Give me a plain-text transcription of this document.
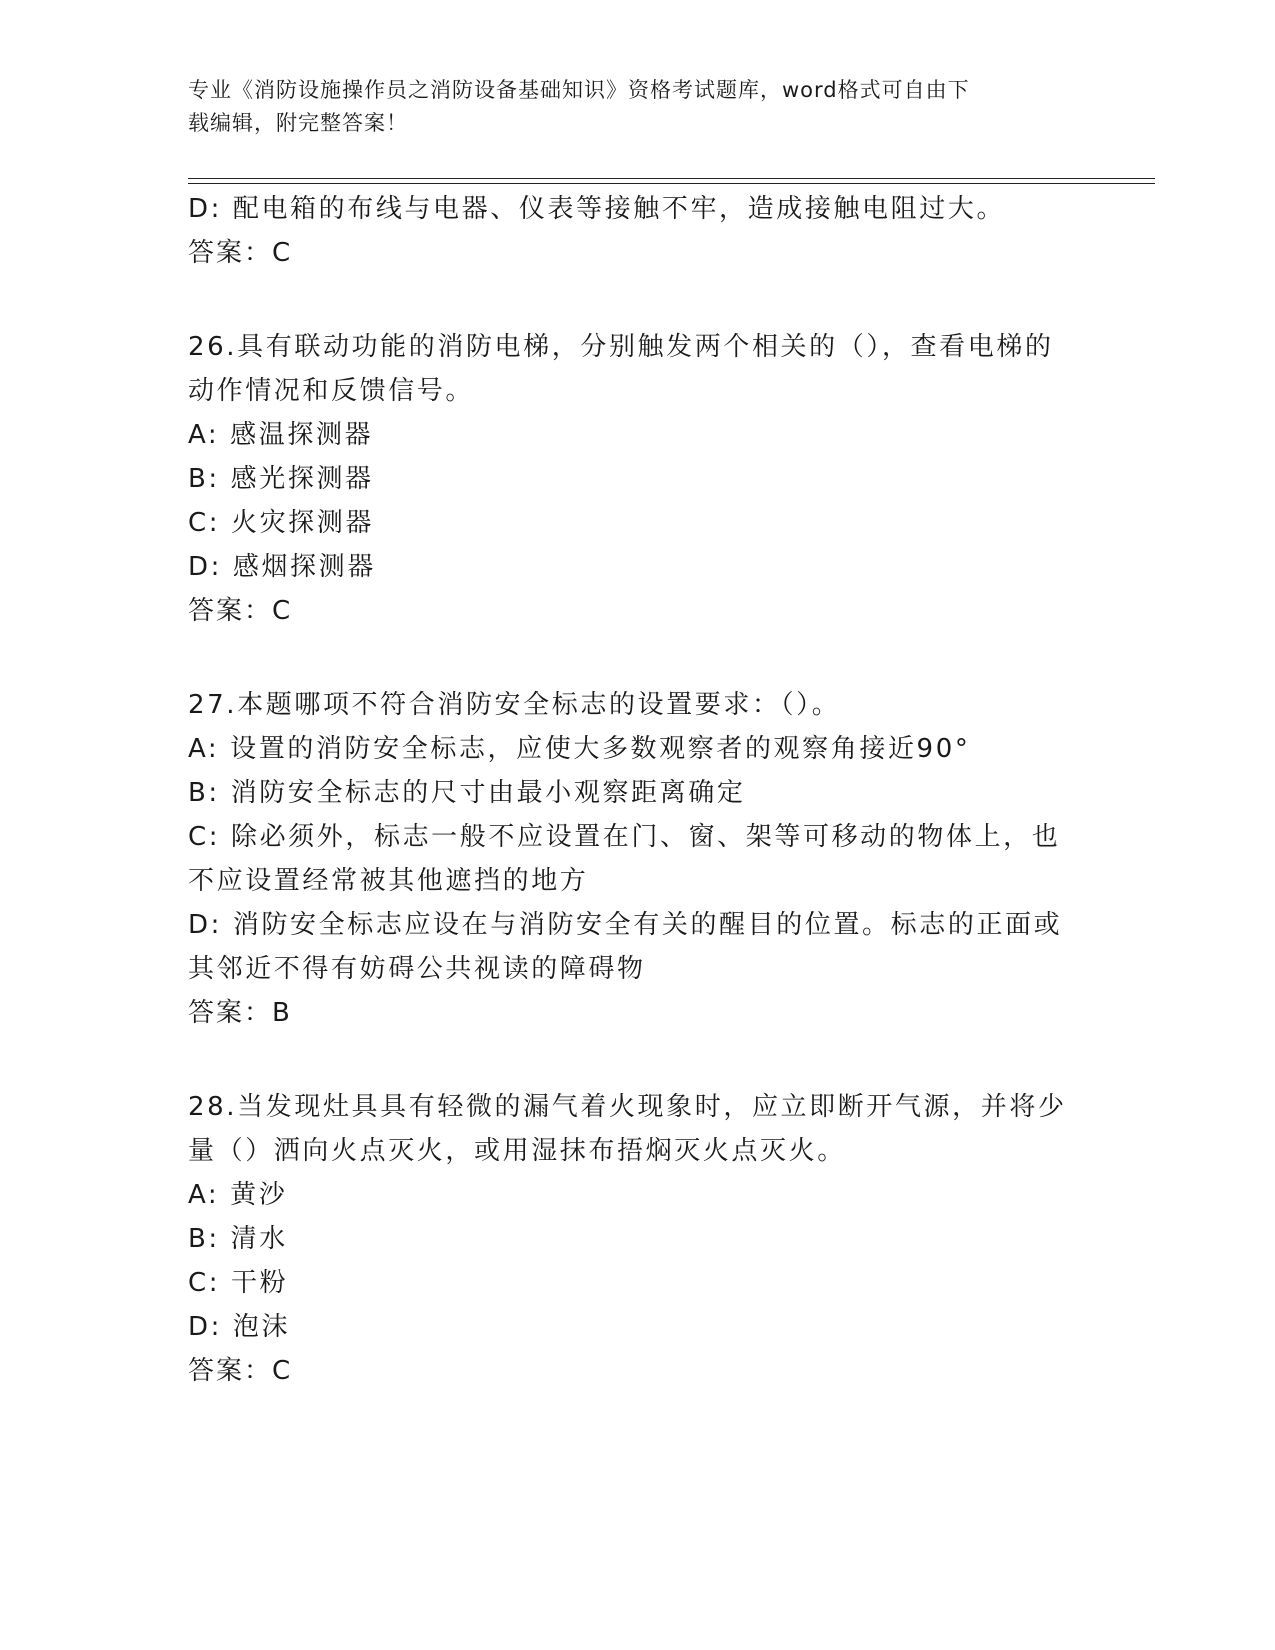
专业《消防设施操作员之消防设备基础知识》资格考试题库，word格式可自由下
载编辑，附完整答案！
D: 配电箱的布线与电器、仪表等接触不牢，造成接触电阻过大。
答案：C
26.具有联动功能的消防电梯，分别触发两个相关的（），查看电梯的
动作情况和反馈信号。
A: 感温探测器
B: 感光探测器
C: 火灾探测器
D: 感烟探测器
答案：C
27.本题哪项不符合消防安全标志的设置要求：（）。
A: 设置的消防安全标志，应使大多数观察者的观察角接近90°
B: 消防安全标志的尺寸由最小观察距离确定
C: 除必须外，标志一般不应设置在门、窗、架等可移动的物体上，也
不应设置经常被其他遮挡的地方
D: 消防安全标志应设在与消防安全有关的醒目的位置。标志的正面或
其邻近不得有妨碍公共视读的障碍物
答案：B
28.当发现灶具具有轻微的漏气着火现象时，应立即断开气源，并将少
量（）洒向火点灭火，或用湿抹布捂焖灭火点灭火。
A: 黄沙
B: 清水
C: 干粉
D: 泡沫
答案：C
